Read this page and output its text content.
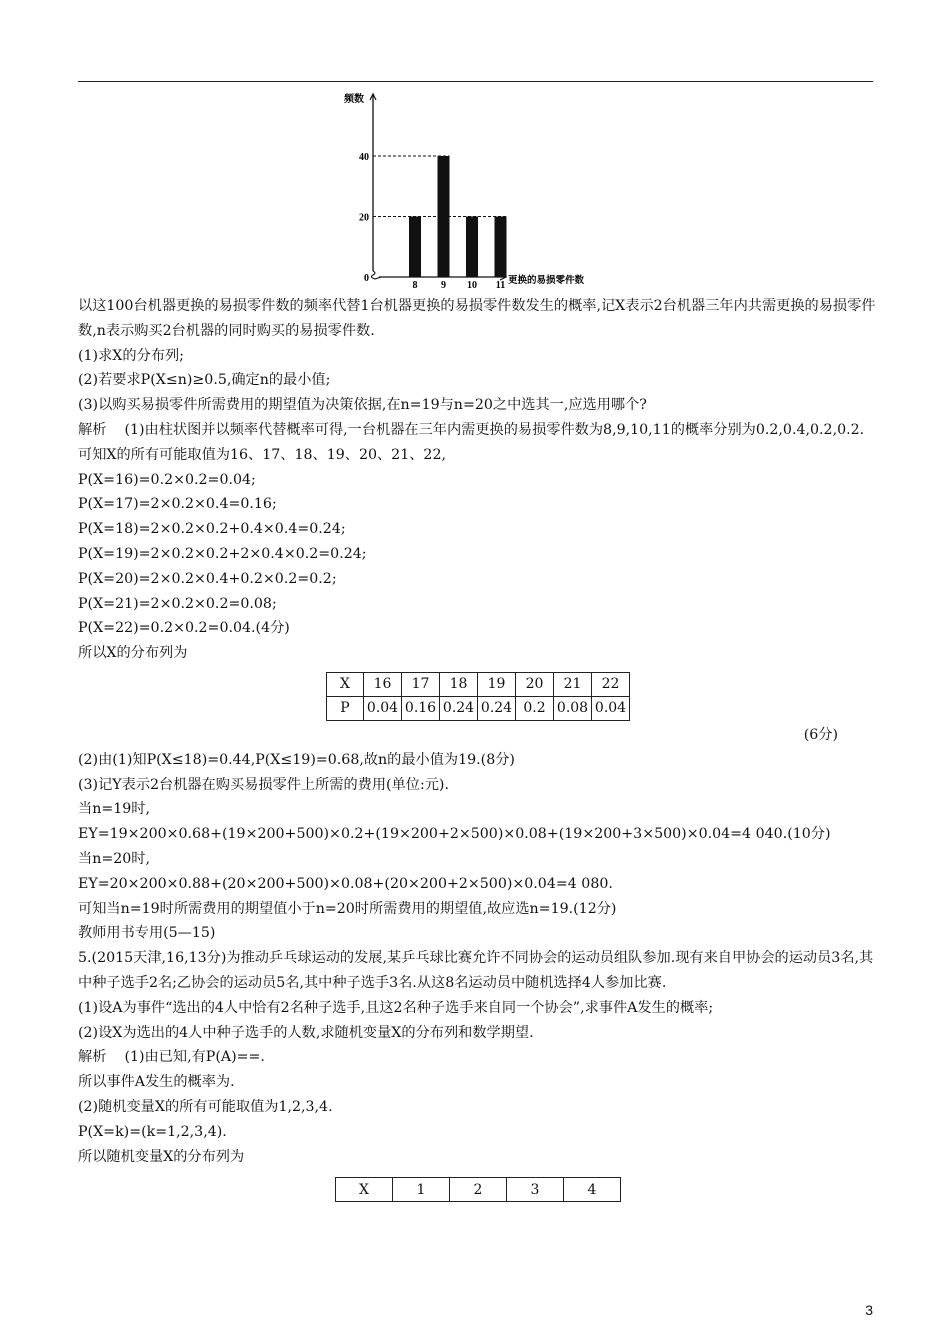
频数
0
20
40
8 9 10 11 更换的易损零件数
以这100台机器更换的易损零件数的频率代替1台机器更换的易损零件数发生的概率,记X表示2台机器三年内共需更换的易损零件数,n表示购买2台机器的同时购买的易损零件数.
(1)求X的分布列;
(2)若要求P(X≤n)≥0.5,确定n的最小值;
(3)以购买易损零件所需费用的期望值为决策依据,在n=19与n=20之中选其一,应选用哪个?
解析 (1)由柱状图并以频率代替概率可得,一台机器在三年内需更换的易损零件数为8,9,10,11的概率分别为0.2,0.4,0.2,0.2.
可知X的所有可能取值为16、17、18、19、20、21、22,
P(X=16)=0.2×0.2=0.04;
P(X=17)=2×0.2×0.4=0.16;
P(X=18)=2×0.2×0.2+0.4×0.4=0.24;
P(X=19)=2×0.2×0.2+2×0.4×0.2=0.24;
P(X=20)=2×0.2×0.4+0.2×0.2=0.2;
P(X=21)=2×0.2×0.2=0.08;
P(X=22)=0.2×0.2=0.04.(4分)
所以X的分布列为
X	16	17	18	19	20	21	22
P	0.04	0.16	0.24	0.24	0.2	0.08	0.04
(6分)
(2)由(1)知P(X≤18)=0.44,P(X≤19)=0.68,故n的最小值为19.(8分)
(3)记Y表示2台机器在购买易损零件上所需的费用(单位:元).
当n=19时,
EY=19×200×0.68+(19×200+500)×0.2+(19×200+2×500)×0.08+(19×200+3×500)×0.04=4 040.(10分)
当n=20时,
EY=20×200×0.88+(20×200+500)×0.08+(20×200+2×500)×0.04=4 080.
可知当n=19时所需费用的期望值小于n=20时所需费用的期望值,故应选n=19.(12分)
教师用书专用(5—15)
5.(2015天津,16,13分)为推动乒乓球运动的发展,某乒乓球比赛允许不同协会的运动员组队参加.现有来自甲协会的运动员3名,其中种子选手2名;乙协会的运动员5名,其中种子选手3名.从这8名运动员中随机选择4人参加比赛.
(1)设A为事件“选出的4人中恰有2名种子选手,且这2名种子选手来自同一个协会”,求事件A发生的概率;
(2)设X为选出的4人中种子选手的人数,求随机变量X的分布列和数学期望.
解析 (1)由已知,有P(A)==.
所以事件A发生的概率为.
(2)随机变量X的所有可能取值为1,2,3,4.
P(X=k)=(k=1,2,3,4).
所以随机变量X的分布列为
X	1	2	3	4
3
